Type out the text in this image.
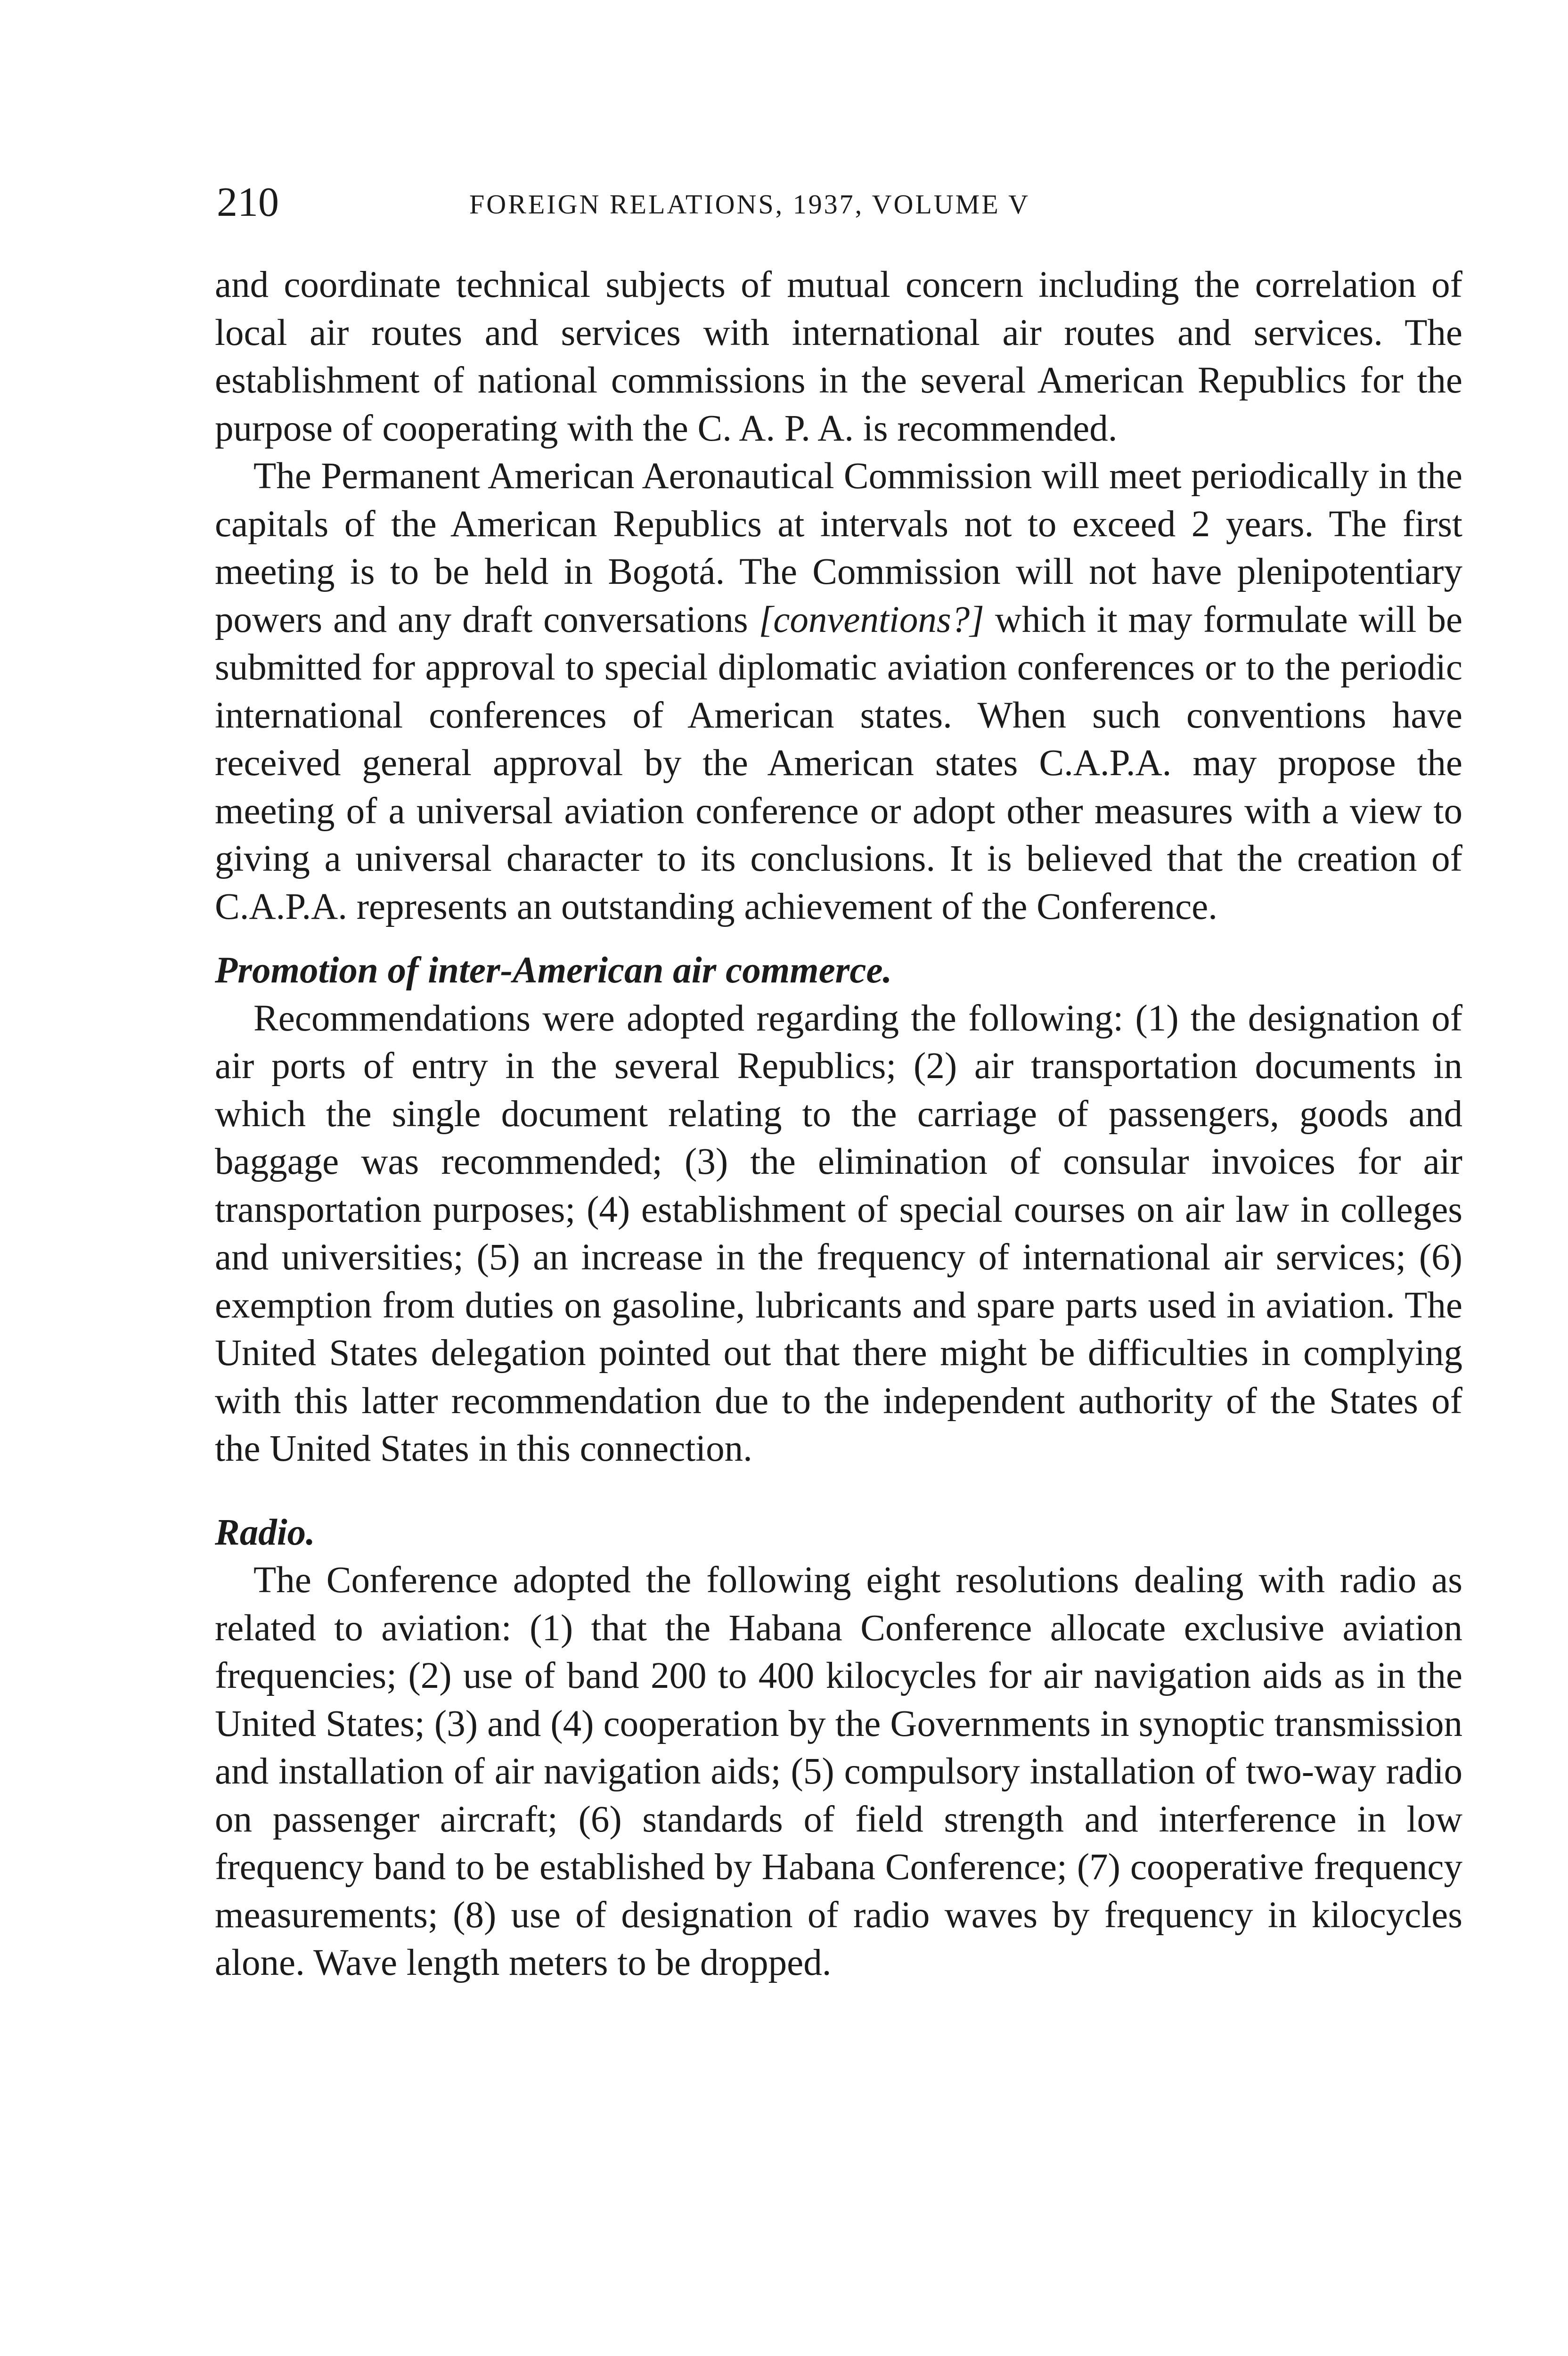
210	FOREIGN RELATIONS, 1937, VOLUME V

and coordinate technical subjects of mutual concern including the correlation of local air routes and services with international air routes and services. The establishment of national commissions in the several American Republics for the purpose of cooperating with the C. A. P. A. is recommended.

The Permanent American Aeronautical Commission will meet periodically in the capitals of the American Republics at intervals not to exceed 2 years. The first meeting is to be held in Bogotá. The Commission will not have plenipotentiary powers and any draft conversations [conventions?] which it may formulate will be submitted for approval to special diplomatic aviation conferences or to the periodic international conferences of American states. When such conventions have received general approval by the American states C.A.P.A. may propose the meeting of a universal aviation conference or adopt other measures with a view to giving a universal character to its conclusions. It is believed that the creation of C.A.P.A. represents an outstanding achievement of the Conference.

Promotion of inter-American air commerce.

Recommendations were adopted regarding the following: (1) the designation of air ports of entry in the several Republics; (2) air transportation documents in which the single document relating to the carriage of passengers, goods and baggage was recommended; (3) the elimination of consular invoices for air transportation purposes; (4) establishment of special courses on air law in colleges and universities; (5) an increase in the frequency of international air services; (6) exemption from duties on gasoline, lubricants and spare parts used in aviation. The United States delegation pointed out that there might be difficulties in complying with this latter recommendation due to the independent authority of the States of the United States in this connection.

Radio.

The Conference adopted the following eight resolutions dealing with radio as related to aviation: (1) that the Habana Conference allocate exclusive aviation frequencies; (2) use of band 200 to 400 kilocycles for air navigation aids as in the United States; (3) and (4) cooperation by the Governments in synoptic transmission and installation of air navigation aids; (5) compulsory installation of two-way radio on passenger aircraft; (6) standards of field strength and interference in low frequency band to be established by Habana Conference; (7) cooperative frequency measurements; (8) use of designation of radio waves by frequency in kilocycles alone. Wave length meters to be dropped.
